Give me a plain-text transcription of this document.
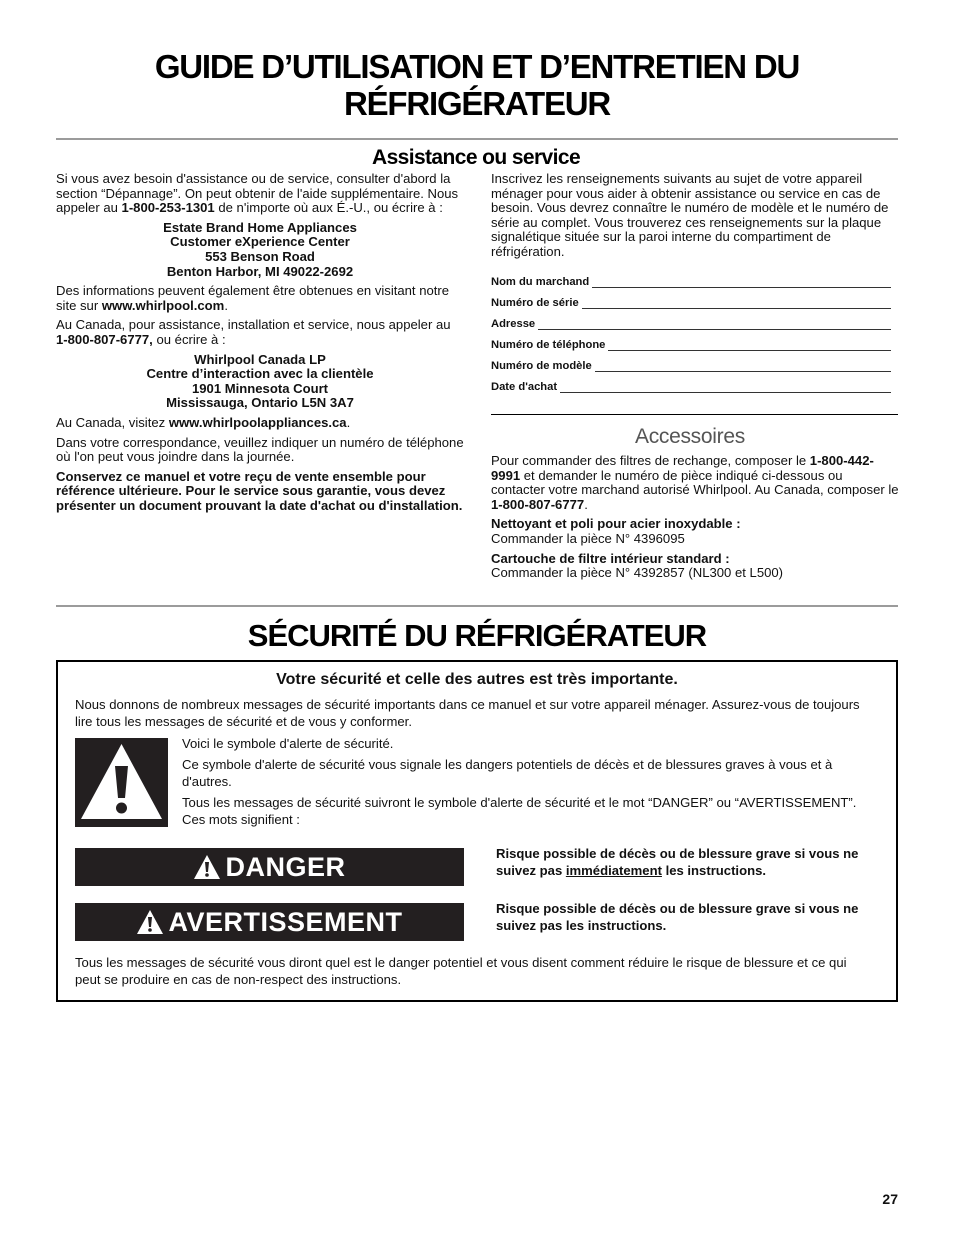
GUIDE D’UTILISATION ET D’ENTRETIEN DU
RÉFRIGÉRATEUR
Assistance ou service

Si vous avez besoin d'assistance ou de service, consulter d'abord la section “Dépannage”. On peut obtenir de l'aide supplémentaire. Nous appeler au 1-800-253-1301 de n'importe où aux É.-U., ou écrire à :

Estate Brand Home Appliances
Customer eXperience Center
553 Benson Road
Benton Harbor, MI 49022-2692

Des informations peuvent également être obtenues en visitant notre site sur www.whirlpool.com.

Au Canada, pour assistance, installation et service, nous appeler au 1-800-807-6777, ou écrire à :

Whirlpool Canada LP
Centre d’interaction avec la clientèle
1901 Minnesota Court
Mississauga, Ontario L5N 3A7

Au Canada, visitez www.whirlpoolappliances.ca.

Dans votre correspondance, veuillez indiquer un numéro de téléphone où l'on peut vous joindre dans la journée.

Conservez ce manuel et votre reçu de vente ensemble pour référence ultérieure. Pour le service sous garantie, vous devez présenter un document prouvant la date d'achat ou d'installation.

Inscrivez les renseignements suivants au sujet de votre appareil ménager pour vous aider à obtenir assistance ou service en cas de besoin. Vous devrez connaître le numéro de modèle et le numéro de série au complet. Vous trouverez ces renseignements sur la plaque signalétique située sur la paroi interne du compartiment de réfrigération.

Nom du marchand
Numéro de série
Adresse
Numéro de téléphone
Numéro de modèle
Date d'achat
Accessoires

Pour commander des filtres de rechange, composer le 1-800-442-9991 et demander le numéro de pièce indiqué ci-dessous ou contacter votre marchand autorisé Whirlpool. Au Canada, composer le 1-800-807-6777.

Nettoyant et poli pour acier inoxydable :
Commander la pièce N° 4396095

Cartouche de filtre intérieur standard :
Commander la pièce N° 4392857 (NL300 et L500)

SÉCURITÉ DU RÉFRIGÉRATEUR
Votre sécurité et celle des autres est très importante.
Nous donnons de nombreux messages de sécurité importants dans ce manuel et sur votre appareil ménager. Assurez-vous de toujours lire tous les messages de sécurité et de vous y conformer.
Voici le symbole d'alerte de sécurité.
Ce symbole d'alerte de sécurité vous signale les dangers potentiels de décès et de blessures graves à vous et à d'autres.
Tous les messages de sécurité suivront le symbole d'alerte de sécurité et le mot “DANGER” ou “AVERTISSEMENT”. Ces mots signifient :
DANGER	Risque possible de décès ou de blessure grave si vous ne suivez pas immédiatement les instructions.
AVERTISSEMENT	Risque possible de décès ou de blessure grave si vous ne suivez pas les instructions.
Tous les messages de sécurité vous diront quel est le danger potentiel et vous disent comment réduire le risque de blessure et ce qui peut se produire en cas de non-respect des instructions.
27
